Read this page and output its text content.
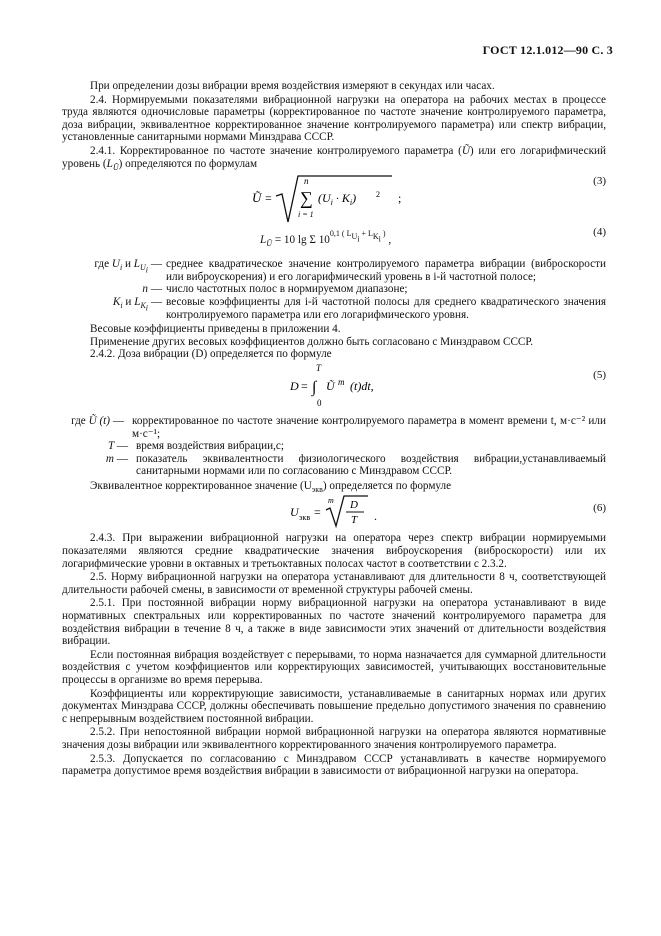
ГОСТ 12.1.012—90 С. 3

При определении дозы вибрации время воздействия измеряют в секундах или часах.

2.4. Нормируемыми показателями вибрационной нагрузки на оператора на рабочих местах в процессе труда являются одночисловые параметры (корректированное по частоте значение контролируемого параметра, доза вибрации, эквивалентное корректированное значение контролируемого параметра) или спектр вибрации, установленные санитарными нормами Минздрава СССР.

2.4.1. Корректированное по частоте значение контролируемого параметра (Ũ) или его логарифмический уровень $(L_Ũ)$ определяются по формулам

Ũ =
n
∑
i = 1
$(U_i \cdot K_i)$ 2 ;
(3)
$L_Ũ = 10$ lg Σ $10^{0,1 ( L_{U_i} + L_{K_i} )}$ ,
(4)
где $U_i$ и $L_{U_i}$ — среднее квадратическое значение контролируемого параметра вибрации (виброскорости или виброускорения) и его логарифмический уровень в i-й частотной полосе;
n — число частотных полос в нормируемом диапазоне;
$K_i$ и $L_{K_i}$ — весовые коэффициенты для i-й частотной полосы для среднего квадратического значения контролируемого параметра или его логарифмического уровня.

Весовые коэффициенты приведены в приложении 4.

Применение других весовых коэффициентов должно быть согласовано с Минздравом СССР.

2.4.2. Доза вибрации (D) определяется по формуле

T
D = ∫
0
Ũ m (t)dt,
(5)
где Ũ (t) — корректированное по частоте значение контролируемого параметра в момент времени t, м·с⁻² или м·с⁻¹;
T — время воздействия вибрации,с;
m — показатель эквивалентности физиологического воздействия вибрации,устанавливаемый санитарными нормами или по согласованию с Минздравом СССР.

Эквивалентное корректированное значение $(U_{экв})$ определяется по формуле

U экв =
m D
T .
(6)

2.4.3. При выражении вибрационной нагрузки на оператора через спектр вибрации нормируемыми показателями являются средние квадратические значения виброускорения (виброскорости) или их логарифмические уровни в октавных и третьоктавных полосах частот в соответствии с 2.3.2.

2.5. Норму вибрационной нагрузки на оператора устанавливают для длительности 8 ч, соответствующей длительности рабочей смены, в зависимости от временной структуры рабочей смены.

2.5.1. При постоянной вибрации норму вибрационной нагрузки на оператора устанавливают в виде нормативных спектральных или корректированных по частоте значений контролируемого параметра для воздействия вибрации в течение 8 ч, а также в виде зависимости этих значений от длительности воздействия вибрации.

Если постоянная вибрация воздействует с перерывами, то норма назначается для суммарной длительности воздействия с учетом коэффициентов или корректирующих зависимостей, учитывающих восстановительные процессы в организме во время перерыва.

Коэффициенты или корректирующие зависимости, устанавливаемые в санитарных нормах или других документах Минздрава СССР, должны обеспечивать повышение предельно допустимого значения по сравнению с непрерывным воздействием постоянной вибрации.

2.5.2. При непостоянной вибрации нормой вибрационной нагрузки на оператора являются нормативные значения дозы вибрации или эквивалентного корректированного значения контролируемого параметра.

2.5.3. Допускается по согласованию с Минздравом СССР устанавливать в качестве нормируемого параметра допустимое время воздействия вибрации в зависимости от вибрационной нагрузки на оператора.
